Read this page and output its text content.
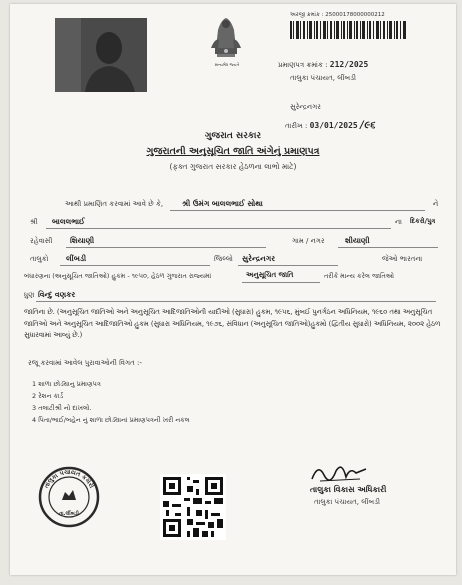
સત્યમેવ જયતે
અરજી ક્રમાંક : 25000178000000212
પ્રમાણપત્ર ક્રમાંક : 212/2025
તાલુકા પંચાયત, લીંબડી
સુરેન્દ્રનગર
તારીખ : 03/01/2025 /૯૬
ગુજરાત સરકાર
ગુજરાતની અનુસૂચિત જાતિ અંગેનું પ્રમાણપત્ર
(ફક્ત ગુજરાત સરકાર હેઠળના લાભો માટે)
આથી પ્રમાણિત કરવામાં આવે છે કે,	શ્રી ઉમંગ બાલલભાઈ સોથા	ને
શ્રી બાલલભાઈ	ના દિકરો/પુત્ર
રહેવાસી શિયાણી	ગામ / નગર	શીયાણી
તાલુકો લીંબડી	જિલ્લો સુરેન્દ્રનગર	જેઓ ભારતના
બંધારણના (અનુસૂચિત જાતિઓ) હુકમ - ૧૯૫૦, હેઠળ ગુજરાત રાજ્યમાં	અનુસૂચિત જાતિ	તરીકે માન્ય કરેલ જાતિઓ
ધુણ વિન્દુ વણકર
જાતિના છે. (અનુસૂચિત જાતિઓ અને અનુસૂચિત આદિજાતિઓની યાદીઓ (સુધારા) હુકમ, ૧૯૫૬, મુંબઈ પુનર્ગઠન અધિનિયમ, ૧૯૬૦ તથા અનુસૂચિત જાતિઓ અને અનુસૂચિત આદિજાતિઓ હુકમ (સુધારા અધિનિયમ, ૧૯૭૬, સંવિધાન (અનુસૂચિત જાતિઓ)હુકમો (દ્વિતીય સુધારો) અધિનિયમ, ૨૦૦૨ હેઠળ સુધારવામાં આવ્યું છે.)
રજૂ કરવામાં આવેલ પુરાવાઓની વિગત :-
1 શાળા છોડ્યાનુ પ્રમાણપત્ર
2 રેશન કાર્ડ
3 તલાટીશ્રી નો દાખલો.
4 પિતા/ભાઈ/બહેન નું શાળા છોડ્યાનાં પ્રમાણપત્રની ખરી નકલ
તાલુકા પંચાયત કચેરી
તા.લીંબડી
તાલુકા વિકાસ અધિકારી
તાલુકા પંચાયત, લીંબડી
